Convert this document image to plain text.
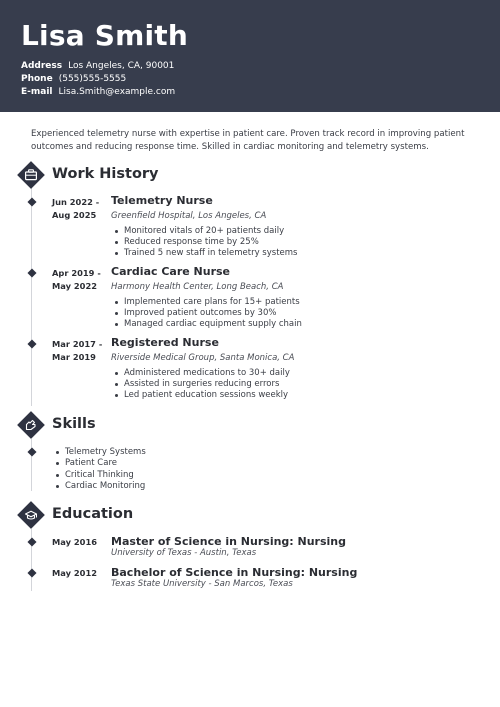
Lisa Smith
Address Los Angeles, CA, 90001
Phone (555)555-5555
E-mail Lisa.Smith@example.com
Experienced telemetry nurse with expertise in patient care. Proven track record in improving patient outcomes and reducing response time. Skilled in cardiac monitoring and telemetry systems.
Work History
Jun 2022 -
Aug 2025
Telemetry Nurse
Greenfield Hospital, Los Angeles, CA
Monitored vitals of 20+ patients daily
Reduced response time by 25%
Trained 5 new staff in telemetry systems
Apr 2019 -
May 2022
Cardiac Care Nurse
Harmony Health Center, Long Beach, CA
Implemented care plans for 15+ patients
Improved patient outcomes by 30%
Managed cardiac equipment supply chain
Mar 2017 -
Mar 2019
Registered Nurse
Riverside Medical Group, Santa Monica, CA
Administered medications to 30+ daily
Assisted in surgeries reducing errors
Led patient education sessions weekly
Skills
Telemetry Systems
Patient Care
Critical Thinking
Cardiac Monitoring
Education
May 2016 Master of Science in Nursing: Nursing
University of Texas - Austin, Texas
May 2012 Bachelor of Science in Nursing: Nursing
Texas State University - San Marcos, Texas
